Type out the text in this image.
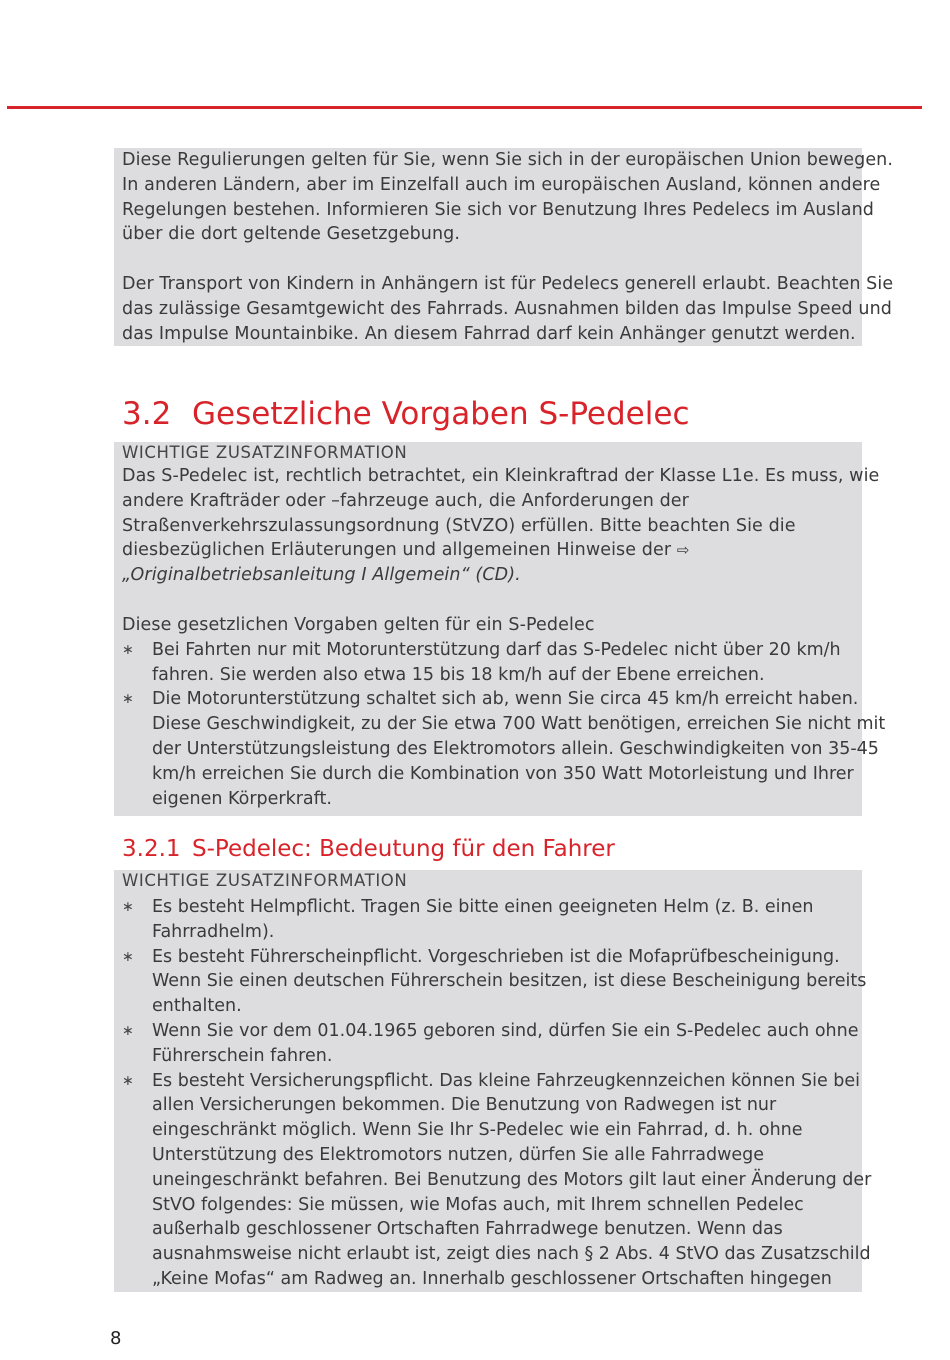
Diese Regulierungen gelten für Sie, wenn Sie sich in der europäischen Union bewegen.

In anderen Ländern, aber im Einzelfall auch im europäischen Ausland, können andere

Regelungen bestehen. Informieren Sie sich vor Benutzung Ihres Pedelecs im Ausland

über die dort geltende Gesetzgebung.

Der Transport von Kindern in Anhängern ist für Pedelecs generell erlaubt. Beachten Sie

das zulässige Gesamtgewicht des Fahrrads. Ausnahmen bilden das Impulse Speed und

das Impulse Mountainbike. An diesem Fahrrad darf kein Anhänger genutzt werden.

3.2 Gesetzliche Vorgaben S-Pedelec
WICHTIGE ZUSATZINFORMATION

Das S-Pedelec ist, rechtlich betrachtet, ein Kleinkraftrad der Klasse L1e. Es muss, wie

andere Krafträder oder –fahrzeuge auch, die Anforderungen der

Straßenverkehrszulassungsordnung (StVZO) erfüllen. Bitte beachten Sie die

diesbezüglichen Erläuterungen und allgemeinen Hinweise der ⇨

„Originalbetriebsanleitung I Allgemein“ (CD).

Diese gesetzlichen Vorgaben gelten für ein S-Pedelec

∗ Bei Fahrten nur mit Motorunterstützung darf das S-Pedelec nicht über 20 km/h
fahren. Sie werden also etwa 15 bis 18 km/h auf der Ebene erreichen.
∗ Die Motorunterstützung schaltet sich ab, wenn Sie circa 45 km/h erreicht haben.
Diese Geschwindigkeit, zu der Sie etwa 700 Watt benötigen, erreichen Sie nicht mit
der Unterstützungsleistung des Elektromotors allein. Geschwindigkeiten von 35-45
km/h erreichen Sie durch die Kombination von 350 Watt Motorleistung und Ihrer
eigenen Körperkraft.
3.2.1 S-Pedelec: Bedeutung für den Fahrer
WICHTIGE ZUSATZINFORMATION
∗ Es besteht Helmpflicht. Tragen Sie bitte einen geeigneten Helm (z. B. einen
Fahrradhelm).
∗ Es besteht Führerscheinpflicht. Vorgeschrieben ist die Mofaprüfbescheinigung.
Wenn Sie einen deutschen Führerschein besitzen, ist diese Bescheinigung bereits
enthalten.
∗ Wenn Sie vor dem 01.04.1965 geboren sind, dürfen Sie ein S-Pedelec auch ohne
Führerschein fahren.
∗ Es besteht Versicherungspflicht. Das kleine Fahrzeugkennzeichen können Sie bei
allen Versicherungen bekommen. Die Benutzung von Radwegen ist nur
eingeschränkt möglich. Wenn Sie Ihr S-Pedelec wie ein Fahrrad, d. h. ohne
Unterstützung des Elektromotors nutzen, dürfen Sie alle Fahrradwege
uneingeschränkt befahren. Bei Benutzung des Motors gilt laut einer Änderung der
StVO folgendes: Sie müssen, wie Mofas auch, mit Ihrem schnellen Pedelec
außerhalb geschlossener Ortschaften Fahrradwege benutzen. Wenn das
ausnahmsweise nicht erlaubt ist, zeigt dies nach § 2 Abs. 4 StVO das Zusatzschild
„Keine Mofas“ am Radweg an. Innerhalb geschlossener Ortschaften hingegen
8
